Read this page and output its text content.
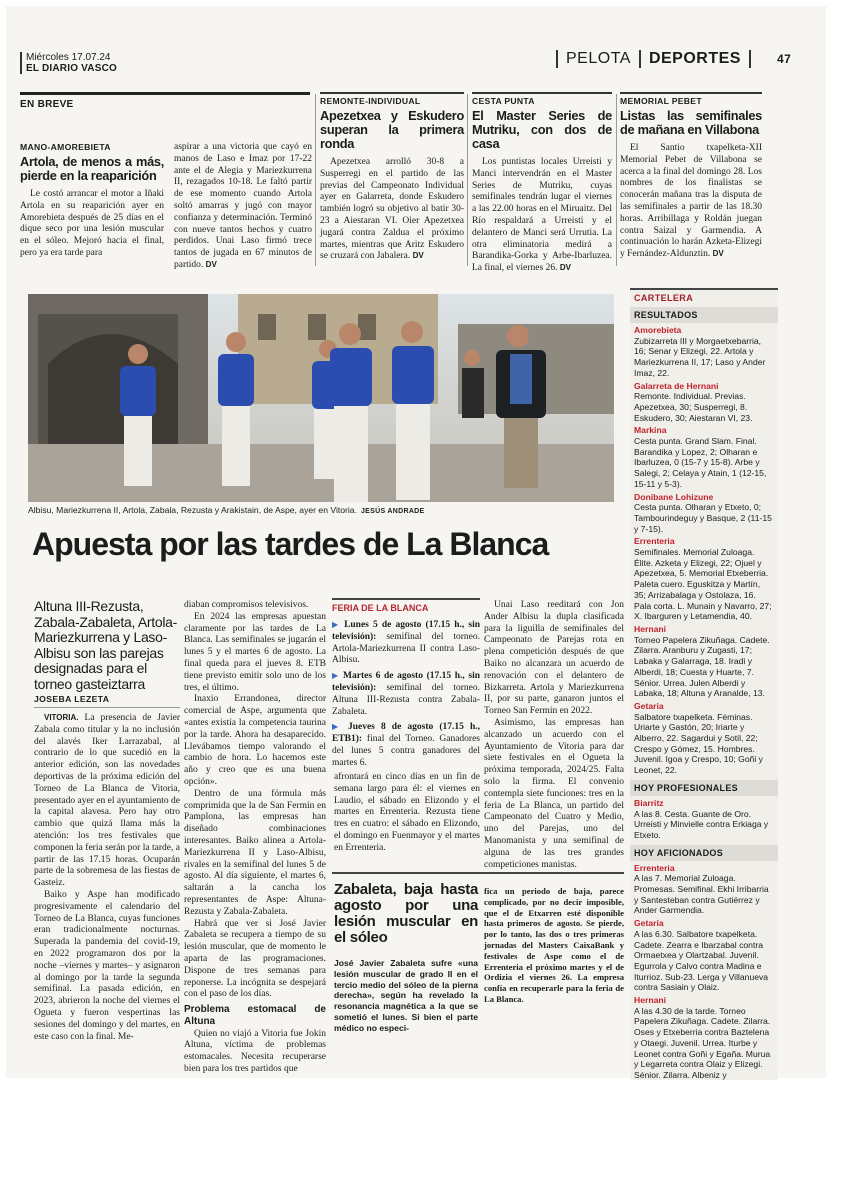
Miércoles 17.07.24
EL DIARIO VASCO
PELOTA DEPORTES	47
EN BREVE
MANO-AMOREBIETA
Artola, de menos a más, pierde en la reaparición
Le costó arrancar el motor a Iñaki Artola en su reaparición ayer en Amorebieta después de 25 días en el dique seco por una lesión muscular en el sóleo. Mejoró hacia el final, pero ya era tarde para
aspirar a una victoria que cayó en manos de Laso e Imaz por 17-22 ante el de Alegia y Mariezkurrena II, rezagados 10-18. Le faltó partir de ese momento cuando Artola soltó amarras y jugó con mayor confianza y determinación. Terminó con nueve tantos hechos y cuatro perdidos. Unai Laso firmó trece tantos de jugada en 67 minutos de partido. DV
REMONTE-INDIVIDUAL
Apezetxea y Eskudero superan la primera ronda
Apezetxea arrolló 30-8 a Susperregi en el partido de las previas del Campeonato Individual ayer en Galarreta, donde Eskudero también logró su objetivo al batir 30-23 a Aiestaran VI. Oier Apezetxea jugará contra Zalduа el próximo martes, mientras que Aritz Eskudero se cruzará con Jabalera. DV
CESTA PUNTA
El Master Series de Mutriku, con dos de casa
Los puntistas locales Urreisti y Manci intervendrán en el Master Series de Mutriku, cuyas semifinales tendrán lugar el viernes a las 22.00 horas en el Miruaitz. Del Río respaldará a Urreisti y el delantero de Manci será Urrutia. La otra eliminatoria medirá a Barandika-Gorka y Arbe-Ibarluzea. La final, el viernes 26. DV
MEMORIAL PEBET
Listas las semifinales de mañana en Villabona
El Santio txapelketa-XII Memorial Pebet de Villabona se acerca a la final del domingo 28. Los nombres de los finalistas se conocerán mañana tras la disputa de las semifinales a partir de las 18.30 horas. Arribillaga y Roldán juegan contra Saizal y Garmendia. A continuación lo harán Azketa-Elizegi y Fernández-Aldunztin. DV
Albisu, Mariezkurrena II, Artola, Zabala, Rezusta y Arakistain, de Aspe, ayer en Vitoria. JESÚS ANDRADE
CARTELERA
RESULTADOS
Amorebieta
Zubizarreta III y Morgaetxebarria, 16; Senar y Elizegi, 22. Artola y Mariezkurrena II, 17; Laso y Ander Imaz, 22.
Galarreta de Hernani
Remonte. Individual. Previas. Apezetxea, 30; Susperregi, 8. Eskudero, 30; Aiestaran VI, 23.
Markina
Cesta punta. Grand Slam. Final. Barandika y Lopez, 2; Olharan e Ibarluzea, 0 (15-7 y 15-8). Arbe y Salegi, 2; Celaya y Atain, 1 (12-15, 15-11 y 5-3).
Donibane Lohizune
Cesta punta. Olharan y Etxeto, 0; Tambourindeguy y Basque, 2 (11-15 y 7-15).
Errenteria
Semifinales. Memorial Zuloaga. Élite. Azketa y Elizegi, 22; Ojuel y Apezetxea, 5. Memorial Etxeberria. Paleta cuero. Eguskitza y Martín, 35; Arrizabalaga y Ostolaza, 16. Pala corta. L. Munain y Navarro, 27; X. Ibarguren y Letamendia, 40.
Hernani
Torneo Papelera Zikuñaga. Cadete. Zilarra. Aranburu y Zugasti, 17; Labaka y Galarraga, 18. Iradi y Alberdi, 18; Cuesta y Huarte, 7. Sénior. Urrea. Julen Alberdi y Labaka, 18; Altuna y Aranalde, 13.
Getaria
Salbatore txapelketa. Féminas. Uriarte y Gastón, 20; Iriarte y Alberro, 22. Sagardui y Sotil, 22; Crespo y Gómez, 15. Hombres. Juvenil. Igoa y Crespo, 10; Goñi y Leonet, 22.
HOY PROFESIONALES
Biarritz
A las 8. Cesta. Guante de Oro. Urreisti y Minvielle contra Erkiaga y Etxeto.
HOY AFICIONADOS
Errenteria
A las 7. Memorial Zuloaga. Promesas. Semifinal. Ekhi Irribarria y Santesteban contra Gutiérrez y Ander Garmendia.
Getaria
A las 6.30. Salbatore txapelketa. Cadete. Zearra e Ibarzabal contra Ormaetxea y Olartzabal. Juvenil. Egurrola y Calvo contra Madina e Iturrioz. Sub-23. Lerga y Villanueva contra Sasiain y Olaiz.
Hernani
A las 4.30 de la tarde. Torneo Papelera Zikuñaga. Cadete. Zilarra. Oses y Etxeberria contra Baztelena y Otaegi. Juvenil. Urrea. Iturbe y Leonet contra Goñi y Egaña. Murua y Legarreta contra Olaiz y Elizegi. Sénior. Zilarra. Albeniz y
Apuesta por las tardes de La Blanca
Altuna III-Rezusta, Zabala-Zabaleta, Artola-Mariezkurrena y Laso-Albisu son las parejas designadas para el torneo gasteiztarra
JOSEBA LEZETA
VITORIA. La presencia de Javier Zabala como titular y la no inclusión del alavés Iker Larrazabal, al contrario de lo que sucedió en la anterior edición, son las novedades deportivas de la próxima edición del Torneo de La Blanca de Vitoria, presentado ayer en el ayuntamiento de la capital alavesa. Pero hay otro cambio que quizá llama más la atención: los tres festivales que componen la feria serán por la tarde, a partir de las 17.15 horas. Ocuparán parte de la sobremesa de las fiestas de Gasteiz.
Baiko y Aspe han modificado progresivamente el calendario del Torneo de La Blanca, cuyas funciones eran tradicionalmente nocturnas. Superada la pandemia del covid-19, en 2022 programaron dos por la noche –viernes y martes– y asignaron al domingo por la tarde la segunda semifinal. La pasada edición, en 2023, abrieron la noche del viernes el Ogueta y fueron vespertinas las sesiones del domingo y del martes, en este caso con la final. Me-
diaban compromisos televisivos.
En 2024 las empresas apuestan claramente por las tardes de La Blanca. Las semifinales se jugarán el lunes 5 y el martes 6 de agosto. La final queda para el jueves 8. ETB tiene previsto emitir solo uno de los tres, el último.
Inaxio Errandonea, director comercial de Aspe, argumenta que «antes existía la competencia taurina por la tarde. Ahora ha desaparecido. Llevábamos tiempo valorando el cambio de hora. Lo hacemos este año y creo que es una buena opción».
Dentro de una fórmula más comprimida que la de San Fermín en Pamplona, las empresas han diseñado combinaciones interesantes. Baiko alinea a Artola-Mariezkurrena II y Laso-Albisu, rivales en la semifinal del lunes 5 de agosto. Al día siguiente, el martes 6, saltarán a la cancha los representantes de Aspe: Altuna-Rezusta y Zabala-Zabaleta.
Habrá que ver si José Javier Zabaleta se recupera a tiempo de su lesión muscular, que de momento le aparta de las programaciones. Dispone de tres semanas para reponerse. La incógnita se despejará con el paso de los días.
Problema estomacal de Altuna
Quien no viajó a Vitoria fue Jokin Altuna, víctima de problemas estomacales. Necesita recuperarse bien para los tres partidos que
FERIA DE LA BLANCA
▶ Lunes 5 de agosto (17.15 h., sin televisión): semifinal del torneo. Artola-Mariezkurrena II contra Laso-Albisu.
▶ Martes 6 de agosto (17.15 h., sin televisión): semifinal del torneo. Altuna III-Rezusta contra Zabala-Zabaleta.
▶ Jueves 8 de agosto (17.15 h., ETB1): final del Torneo. Ganadores del lunes 5 contra ganadores del martes 6.
afrontará en cinco días en un fin de semana largo para él: el viernes en Laudio, el sábado en Elizondo y el martes en Errenteria. Rezusta tiene tres en cuatro: el sábado en Elizondo, el domingo en Fuenmayor y el martes en Errenteria.
Unai Laso reeditará con Jon Ander Albisu la dupla clasificada para la liguilla de semifinales del Campeonato de Parejas rota en plena competición después de que Baiko no alcanzara un acuerdo de renovación con el delantero de Bizkarreta. Artola y Mariezkurrena II, por su parte, ganaron juntos el Torneo San Fermín en 2022.
Asimismo, las empresas han alcanzado un acuerdo con el Ayuntamiento de Vitoria para dar siete festivales en el Ogueta la próxima temporada, 2024/25. Falta solo la firma. El convenio contempla siete funciones: tres en la feria de La Blanca, un partido del Campeonato del Cuatro y Medio, uno del Parejas, uno del Manomanista y una semifinal de alguna de las tres grandes competiciones manistas.
Zabaleta, baja hasta agosto por una lesión muscular en el sóleo
José Javier Zabaleta sufre «una lesión muscular de grado II en el tercio medio del sóleo de la pierna derecha», según ha revelado la resonancia magnética a la que se sometió el lunes. Si bien el parte médico no especi-
fica un periodo de baja, parece complicado, por no decir imposible, que el de Etxarren esté disponible hasta primeros de agosto. Se pierde, por lo tanto, las dos o tres primeras jornadas del Masters CaixaBank y festivales de Aspe como el de Errenteria el próximo martes y el de Ordizia el viernes 26. La empresa confía en recuperarle para la feria de La Blanca.
